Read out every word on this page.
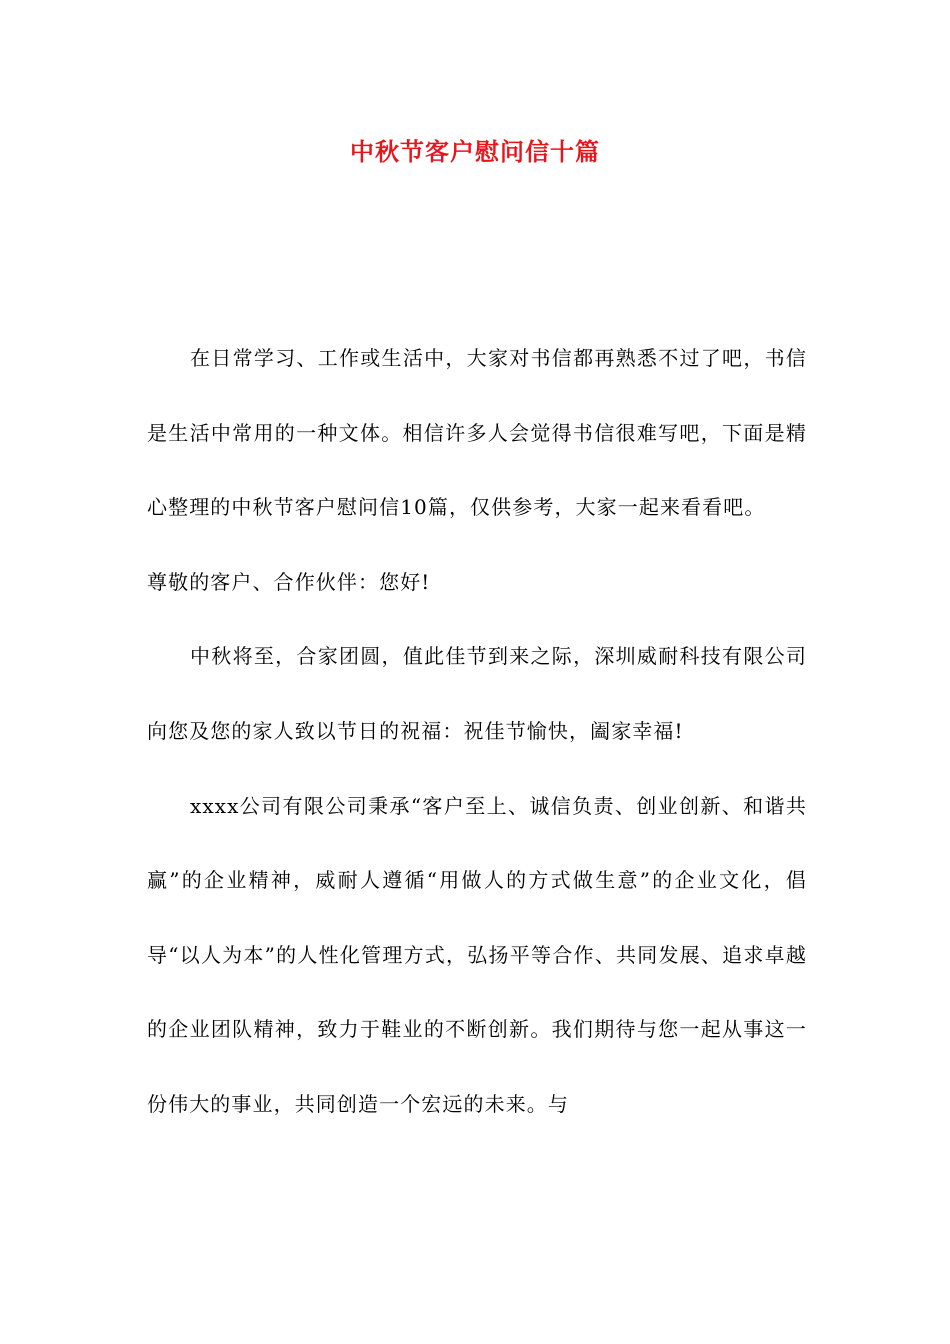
中秋节客户慰问信十篇

在日常学习、工作或生活中，大家对书信都再熟悉不过了吧，书信是生活中常用的一种文体。相信许多人会觉得书信很难写吧，下面是精心整理的中秋节客户慰问信10篇，仅供参考，大家一起来看看吧。

尊敬的客户、合作伙伴：您好!

中秋将至，合家团圆，值此佳节到来之际，深圳威耐科技有限公司向您及您的家人致以节日的祝福：祝佳节愉快，阖家幸福!

xxxx公司有限公司秉承“客户至上、诚信负责、创业创新、和谐共赢”的企业精神，威耐人遵循“用做人的方式做生意”的企业文化，倡导“以人为本”的人性化管理方式，弘扬平等合作、共同发展、追求卓越的企业团队精神，致力于鞋业的不断创新。我们期待与您一起从事这一份伟大的事业，共同创造一个宏远的未来。与
